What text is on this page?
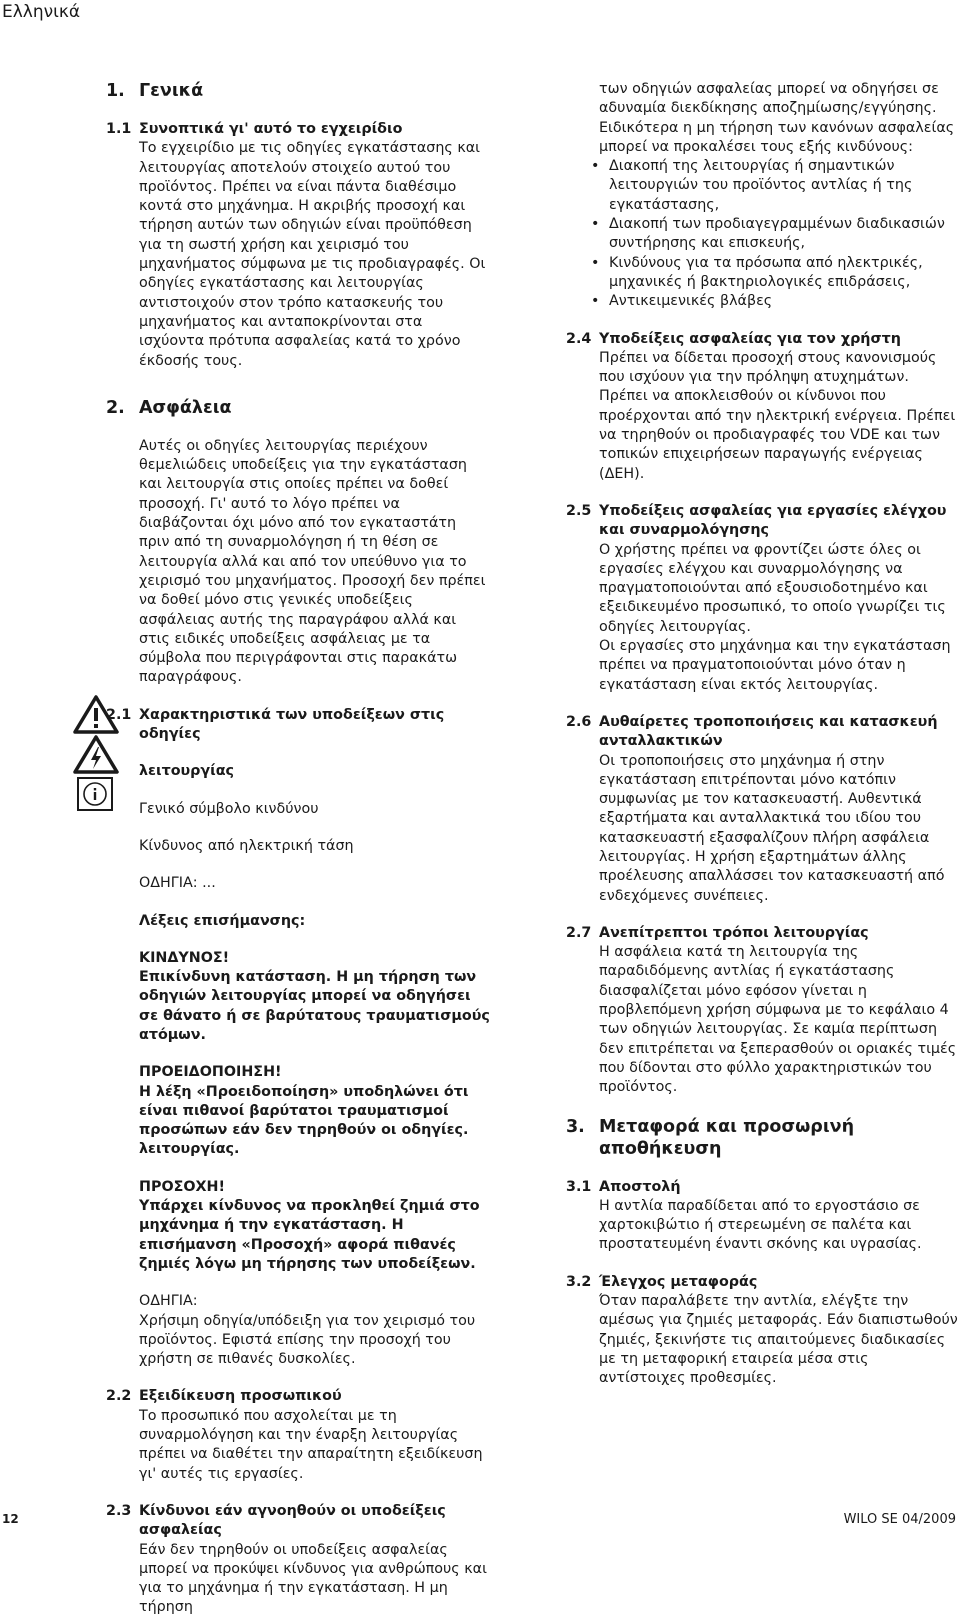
Ελληνικά
1. Γενικά
1.1 Συνοπτικά γι' αυτό το εγχειρίδιο

Το εγχειρίδιο με τις οδηγίες εγκατάστασης και λειτουργίας αποτελούν στοιχείο αυτού του προϊόντος. Πρέπει να είναι πάντα διαθέσιμο κοντά στο μηχάνημα. Η ακριβής προσοχή και τήρηση αυτών των οδηγιών είναι προϋπόθεση για τη σωστή χρήση και χειρισμό του μηχανήματος σύμφωνα με τις προδιαγραφές. Οι οδηγίες εγκατάστασης και λειτουργίας αντιστοιχούν στον τρόπο κατασκευής του μηχανήματος και ανταποκρίνονται στα ισχύοντα πρότυπα ασφαλείας κατά το χρόνο έκδοσής τους.

2. Ασφάλεια

Αυτές οι οδηγίες λειτουργίας περιέχουν θεμελιώδεις υποδείξεις για την εγκατάσταση και λειτουργία στις οποίες πρέπει να δοθεί προσοχή. Γι' αυτό το λόγο πρέπει να διαβάζονται όχι μόνο από τον εγκαταστάτη πριν από τη συναρμολόγηση ή τη θέση σε λειτουργία αλλά και από τον υπεύθυνο για το χειρισμό του μηχανήματος. Προσοχή δεν πρέπει να δοθεί μόνο στις γενικές υποδείξεις ασφάλειας αυτής της παραγράφου αλλά και στις ειδικές υποδείξεις ασφάλειας με τα σύμβολα που περιγράφονται στις παρακάτω παραγράφους.

2.1 Χαρακτηριστικά των υποδείξεων στις οδηγίες

λειτουργίας

Γενικό σύμβολο κινδύνου

Κίνδυνος από ηλεκτρική τάση

ΟΔΗΓΙΑ: ...

Λέξεις επισήμανσης:

ΚΙΝΔΥΝΟΣ!

Επικίνδυνη κατάσταση. Η μη τήρηση των οδηγιών λειτουργίας μπορεί να οδηγήσει σε θάνατο ή σε βαρύτατους τραυματισμούς ατόμων.

ΠΡΟΕΙΔΟΠΟΙΗΣΗ!

Η λέξη «Προειδοποίηση» υποδηλώνει ότι είναι πιθανοί βαρύτατοι τραυματισμοί προσώπων εάν δεν τηρηθούν οι οδηγίες. λειτουργίας.

ΠΡΟΣΟΧΗ!

Υπάρχει κίνδυνος να προκληθεί ζημιά στο μηχάνημα ή την εγκατάσταση. Η επισήμανση «Προσοχή» αφορά πιθανές ζημιές λόγω μη τήρησης των υποδείξεων.

ΟΔΗΓΙΑ:

Χρήσιμη οδηγία/υπόδειξη για τον χειρισμό του προϊόντος. Εφιστά επίσης την προσοχή του χρήστη σε πιθανές δυσκολίες.

2.2 Εξειδίκευση προσωπικού

Το προσωπικό που ασχολείται με τη συναρμολόγηση και την έναρξη λειτουργίας πρέπει να διαθέτει την απαραίτητη εξειδίκευση γι' αυτές τις εργασίες.

2.3 Κίνδυνοι εάν αγνοηθούν οι υποδείξεις ασφαλείας

Εάν δεν τηρηθούν οι υποδείξεις ασφαλείας μπορεί να προκύψει κίνδυνος για ανθρώπους και για το μηχάνημα ή την εγκατάσταση. Η μη τήρηση

των οδηγιών ασφαλείας μπορεί να οδηγήσει σε αδυναμία διεκδίκησης αποζημίωσης/εγγύησης. Ειδικότερα η μη τήρηση των κανόνων ασφαλείας μπορεί να προκαλέσει τους εξής κινδύνους:

• Διακοπή της λειτουργίας ή σημαντικών λειτουργιών του προϊόντος αντλίας ή της εγκατάστασης,
• Διακοπή των προδιαγεγραμμένων διαδικασιών συντήρησης και επισκευής,
• Κινδύνους για τα πρόσωπα από ηλεκτρικές, μηχανικές ή βακτηριολογικές επιδράσεις,
• Αντικειμενικές βλάβες
2.4 Υποδείξεις ασφαλείας για τον χρήστη

Πρέπει να δίδεται προσοχή στους κανονισμούς που ισχύουν για την πρόληψη ατυχημάτων. Πρέπει να αποκλεισθούν οι κίνδυνοι που προέρχονται από την ηλεκτρική ενέργεια. Πρέπει να τηρηθούν οι προδιαγραφές του VDE και των τοπικών επιχειρήσεων παραγωγής ενέργειας (ΔΕΗ).

2.5 Υποδείξεις ασφαλείας για εργασίες ελέγχου και συναρμολόγησης

Ο χρήστης πρέπει να φροντίζει ώστε όλες οι εργασίες ελέγχου και συναρμολόγησης να πραγματοποιούνται από εξουσιοδοτημένο και εξειδικευμένο προσωπικό, το οποίο γνωρίζει τις οδηγίες λειτουργίας.

Οι εργασίες στο μηχάνημα και την εγκατάσταση πρέπει να πραγματοποιούνται μόνο όταν η εγκατάσταση είναι εκτός λειτουργίας.

2.6 Αυθαίρετες τροποποιήσεις και κατασκευή ανταλλακτικών

Οι τροποποιήσεις στο μηχάνημα ή στην εγκατάσταση επιτρέπονται μόνο κατόπιν συμφωνίας με τον κατασκευαστή. Αυθεντικά εξαρτήματα και ανταλλακτικά του ιδίου του κατασκευαστή εξασφαλίζουν πλήρη ασφάλεια λειτουργίας. Η χρήση εξαρτημάτων άλλης προέλευσης απαλλάσσει τον κατασκευαστή από ενδεχόμενες συνέπειες.

2.7 Ανεπίτρεπτοι τρόποι λειτουργίας

Η ασφάλεια κατά τη λειτουργία της παραδιδόμενης αντλίας ή εγκατάστασης διασφαλίζεται μόνο εφόσον γίνεται η προβλεπόμενη χρήση σύμφωνα με το κεφάλαιο 4 των οδηγιών λειτουργίας. Σε καμία περίπτωση δεν επιτρέπεται να ξεπερασθούν οι οριακές τιμές που δίδονται στο φύλλο χαρακτηριστικών του προϊόντος.

3. Μεταφορά και προσωρινή αποθήκευση
3.1 Αποστολή

Η αντλία παραδίδεται από το εργοστάσιο σε χαρτοκιβώτιο ή στερεωμένη σε παλέτα και προστατευμένη έναντι σκόνης και υγρασίας.

3.2 Έλεγχος μεταφοράς

Όταν παραλάβετε την αντλία, ελέγξτε την αμέσως για ζημιές μεταφοράς. Εάν διαπιστωθούν ζημιές, ξεκινήστε τις απαιτούμενες διαδικασίες με τη μεταφορική εταιρεία μέσα στις αντίστοιχες προθεσμίες.

12	WILO SE 04/2009
